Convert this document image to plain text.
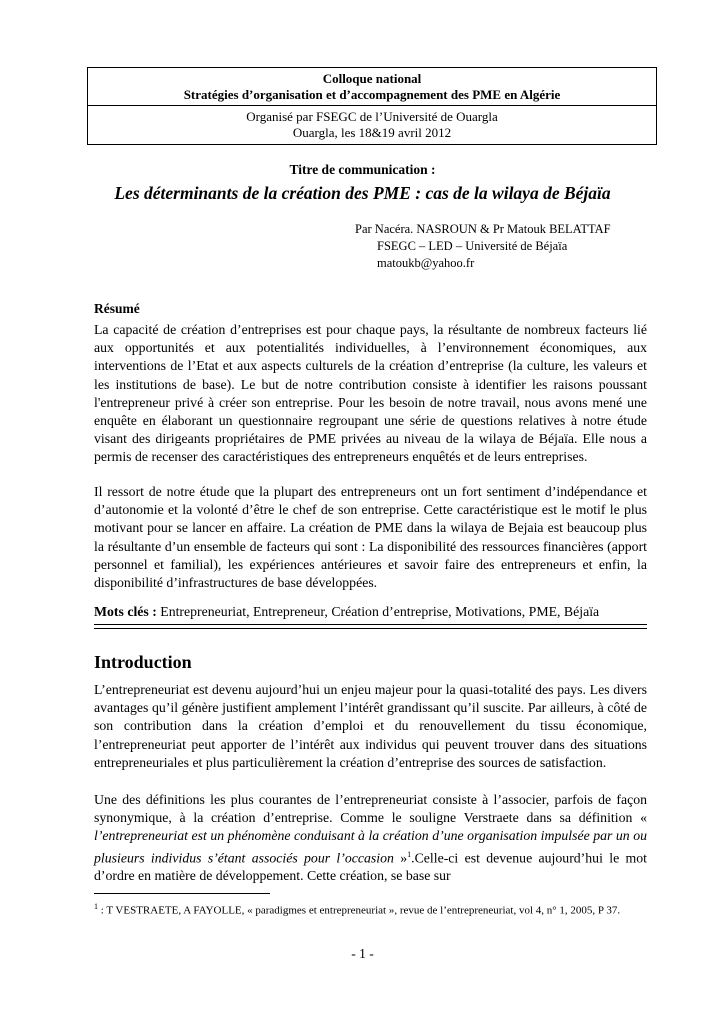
Colloque national
Stratégies d’organisation et d’accompagnement des PME en Algérie
Organisé par FSEGC de l’Université de Ouargla
Ouargla, les 18&19 avril 2012
Titre de communication :
Les déterminants de la création des PME : cas de la wilaya de Béjaïa
Par Nacéra. NASROUN & Pr Matouk BELATTAF
FSEGC – LED – Université de Béjaïa
matoukb@yahoo.fr
Résumé

La capacité de création d’entreprises est pour chaque pays, la résultante de nombreux facteurs lié aux opportunités et aux potentialités individuelles, à l’environnement économiques, aux interventions de l’Etat et aux aspects culturels de la création d’entreprise (la culture, les valeurs et les institutions de base). Le but de notre contribution consiste à identifier les raisons poussant l'entrepreneur privé à créer son entreprise. Pour les besoin de notre travail, nous avons mené une enquête en élaborant un questionnaire regroupant une série de questions relatives à notre étude visant des dirigeants propriétaires de PME privées au niveau de la wilaya de Béjaïa. Elle nous a permis de recenser des caractéristiques des entrepreneurs enquêtés et de leurs entreprises.

Il ressort de notre étude que la plupart des entrepreneurs ont un fort sentiment d’indépendance et d’autonomie et la volonté d’être le chef de son entreprise. Cette caractéristique est le motif le plus motivant pour se lancer en affaire. La création de PME dans la wilaya de Bejaia est beaucoup plus la résultante d’un ensemble de facteurs qui sont : La disponibilité des ressources financières (apport personnel et familial), les expériences antérieures et savoir faire des entrepreneurs et enfin, la disponibilité d’infrastructures de base développées.

Mots clés : Entrepreneuriat, Entrepreneur, Création d’entreprise, Motivations, PME, Béjaïa
Introduction

L’entrepreneuriat est devenu aujourd’hui un enjeu majeur pour la quasi-totalité des pays. Les divers avantages qu’il génère justifient amplement l’intérêt grandissant qu’il suscite. Par ailleurs, à côté de son contribution dans la création d’emploi et du renouvellement du tissu économique, l’entrepreneuriat peut apporter de l’intérêt aux individus qui peuvent trouver dans des situations entrepreneuriales et plus particulièrement la création d’entreprise des sources de satisfaction.

Une des définitions les plus courantes de l’entrepreneuriat consiste à l’associer, parfois de façon synonymique, à la création d’entreprise. Comme le souligne Verstraete dans sa définition « l’entrepreneuriat est un phénomène conduisant à la création d’une organisation impulsée par un ou plusieurs individus s’étant associés pour l’occasion »$^1$.Celle-ci est devenue aujourd’hui le mot d’ordre en matière de développement. Cette création, se base sur

$^1$ : T VESTRAETE, A FAYOLLE, « paradigmes et entrepreneuriat », revue de l’entrepreneuriat, vol 4, n° 1, 2005, P 37.
- 1 -
